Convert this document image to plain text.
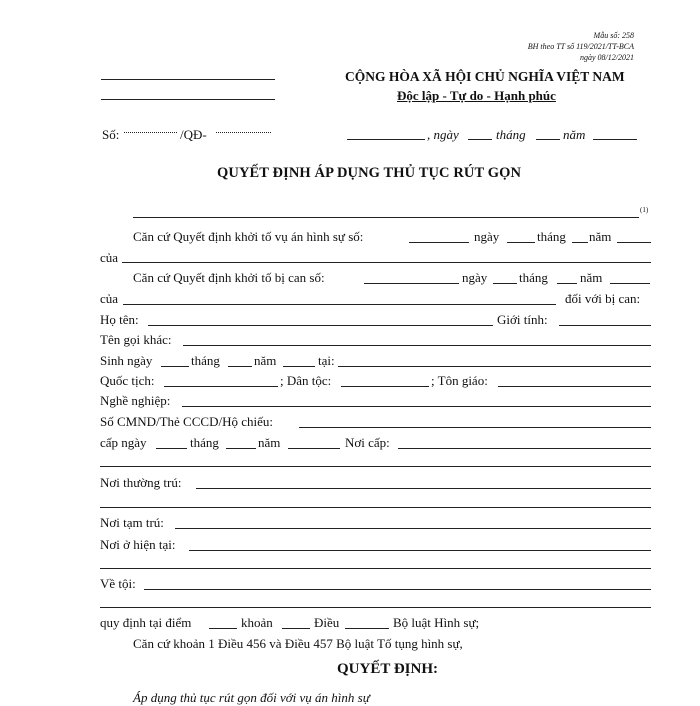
Mẫu số: 258
BH theo TT số 119/2021/TT-BCA
ngày 08/12/2021
CỘNG HÒA XÃ HỘI CHỦ NGHĨA VIỆT NAM
Độc lập - Tự do - Hạnh phúc
Số:	/QĐ-	, ngày	tháng	năm
QUYẾT ĐỊNH ÁP DỤNG THỦ TỤC RÚT GỌN
(1)
Căn cứ Quyết định khởi tố vụ án hình sự số:	ngày	tháng năm
của
Căn cứ Quyết định khởi tố bị can số:	ngày tháng năm
của	đối với bị can:
Họ tên:	Giới tính:
Tên gọi khác:
Sinh ngày	tháng	năm	tại:
Quốc tịch:	; Dân tộc:	; Tôn giáo:
Nghề nghiệp:
Số CMND/Thẻ CCCD/Hộ chiếu:
cấp ngày	tháng	năm	Nơi cấp:
Nơi thường trú:
Nơi tạm trú:
Nơi ở hiện tại:
Về tội:
quy định tại điểm	khoản	Điều	Bộ luật Hình sự;
Căn cứ khoản 1 Điều 456 và Điều 457 Bộ luật Tố tụng hình sự,
QUYẾT ĐỊNH:
Áp dụng thủ tục rút gọn đối với vụ án hình sự
